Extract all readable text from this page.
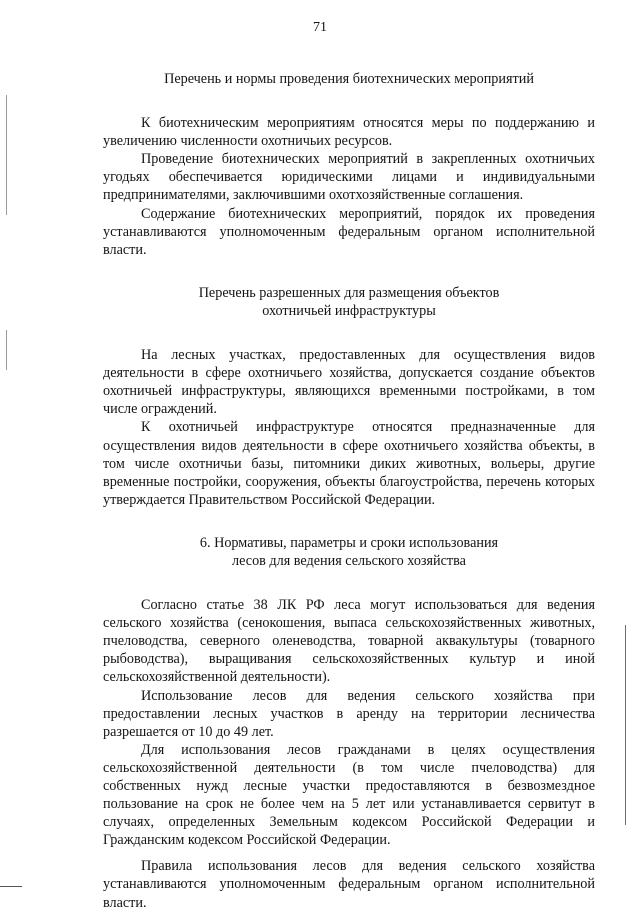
71
Перечень и нормы проведения биотехнических мероприятий

К биотехническим мероприятиям относятся меры по поддержанию и увеличению численности охотничьих ресурсов.

Проведение биотехнических мероприятий в закрепленных охотничьих угодьях обеспечивается юридическими лицами и индивидуальными предпринимателями, заключившими охотхозяйственные соглашения.

Содержание биотехнических мероприятий, порядок их проведения устанавливаются уполномоченным федеральным органом исполнительной власти.

Перечень разрешенных для размещения объектов
охотничьей инфраструктуры

На лесных участках, предоставленных для осуществления видов деятельности в сфере охотничьего хозяйства, допускается создание объектов охотничьей инфраструктуры, являющихся временными постройками, в том числе ограждений.

К охотничьей инфраструктуре относятся предназначенные для осуществления видов деятельности в сфере охотничьего хозяйства объекты, в том числе охотничьи базы, питомники диких животных, вольеры, другие временные постройки, сооружения, объекты благоустройства, перечень которых утверждается Правительством Российской Федерации.

6. Нормативы, параметры и сроки использования
лесов для ведения сельского хозяйства

Согласно статье 38 ЛК РФ леса могут использоваться для ведения сельского хозяйства (сенокошения, выпаса сельскохозяйственных животных, пчеловодства, северного оленеводства, товарной аквакультуры (товарного рыбоводства), выращивания сельскохозяйственных культур и иной сельскохозяйственной деятельности).

Использование лесов для ведения сельского хозяйства при предоставлении лесных участков в аренду на территории лесничества разрешается от 10 до 49 лет.

Для использования лесов гражданами в целях осуществления сельскохозяйственной деятельности (в том числе пчеловодства) для собственных нужд лесные участки предоставляются в безвозмездное пользование на срок не более чем на 5 лет или устанавливается сервитут в случаях, определенных Земельным кодексом Российской Федерации и Гражданским кодексом Российской Федерации.

Правила использования лесов для ведения сельского хозяйства устанавливаются уполномоченным федеральным органом исполнительной власти.
